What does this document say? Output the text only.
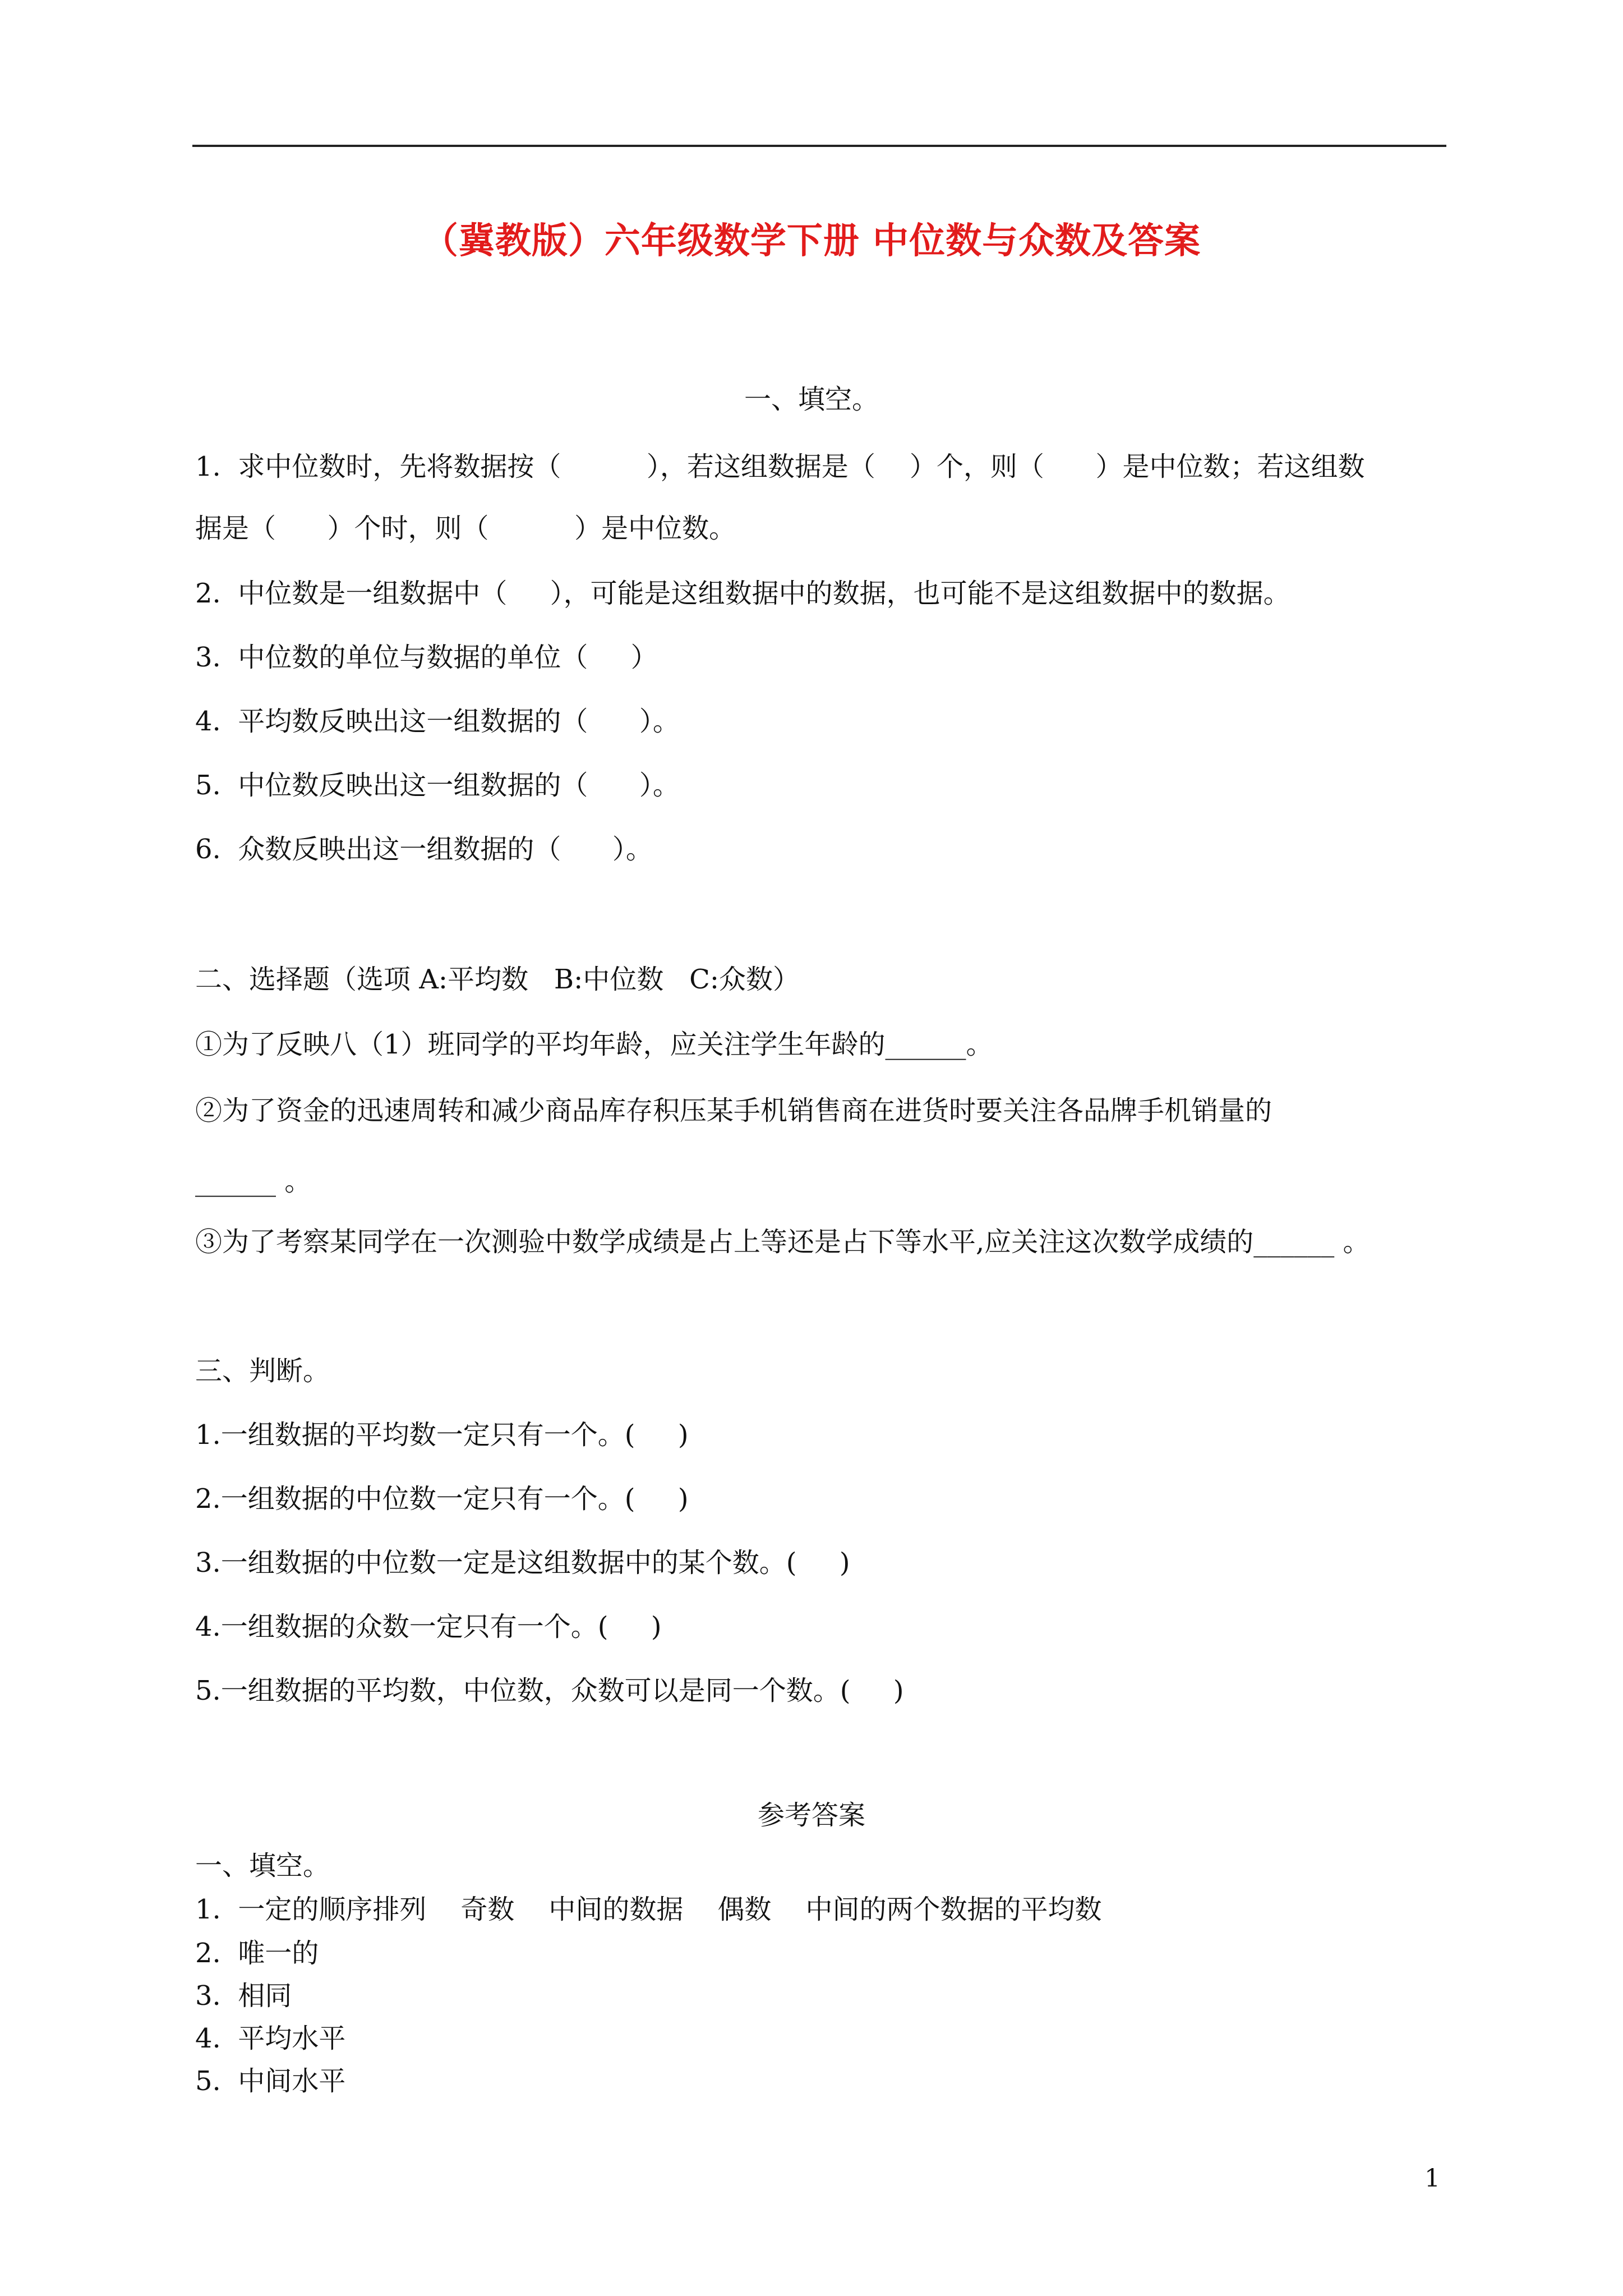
（冀教版）六年级数学下册 中位数与众数及答案
一、填空。
1.  求中位数时，先将数据按（          ），若这组数据是（    ）个，则（      ）是中位数；若这组数
据是（      ）个时，则（          ）是中位数。
2.  中位数是一组数据中（     ），可能是这组数据中的数据，也可能不是这组数据中的数据。
3.  中位数的单位与数据的单位（     ）
4.  平均数反映出这一组数据的（      ）。
5.  中位数反映出这一组数据的（      ）。
6.  众数反映出这一组数据的（      ）。
二、选择题（选项 A:平均数   B:中位数   C:众数）
①为了反映八（1）班同学的平均年龄，应关注学生年龄的______。
②为了资金的迅速周转和减少商品库存积压某手机销售商在进货时要关注各品牌手机销量的
______ 。
③为了考察某同学在一次测验中数学成绩是占上等还是占下等水平,应关注这次数学成绩的______ 。
三、判断。
1.一组数据的平均数一定只有一个。(     )
2.一组数据的中位数一定只有一个。(     )
3.一组数据的中位数一定是这组数据中的某个数。(     )
4.一组数据的众数一定只有一个。(     )
5.一组数据的平均数，中位数，众数可以是同一个数。(     )
参考答案
一、填空。
1.  一定的顺序排列    奇数    中间的数据    偶数    中间的两个数据的平均数
2.  唯一的
3.  相同
4.  平均水平
5.  中间水平
1
